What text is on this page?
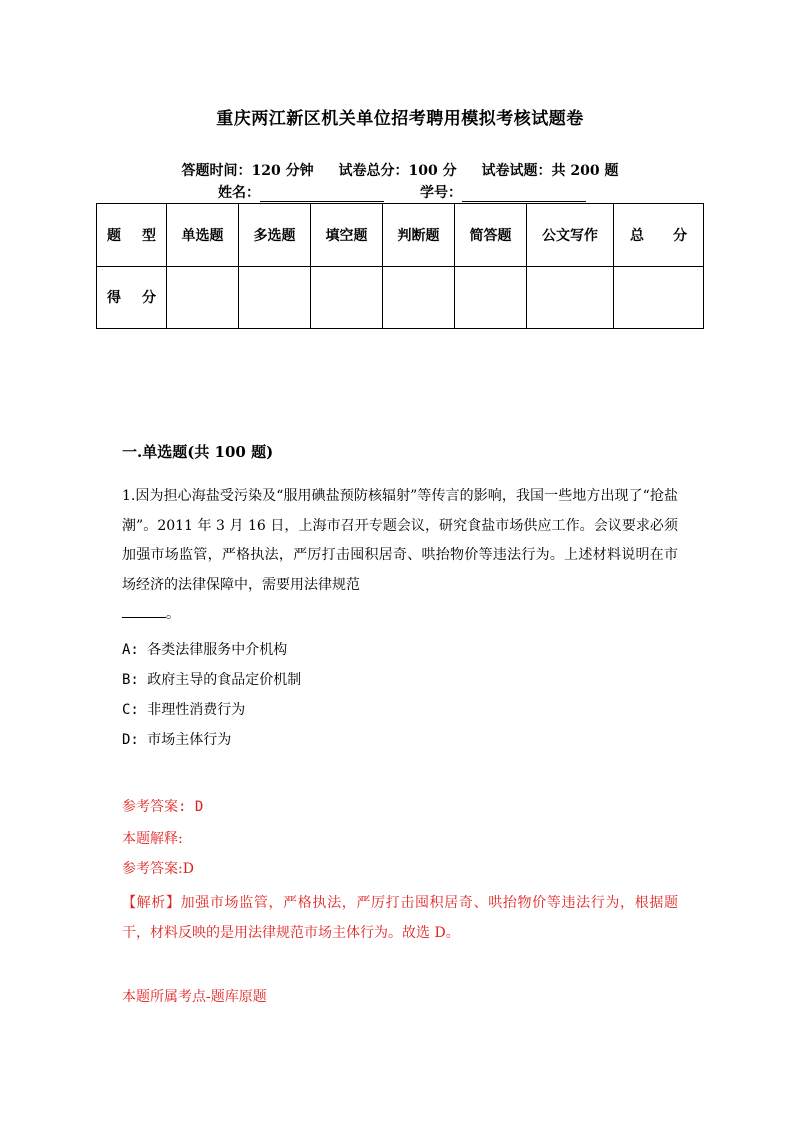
重庆两江新区机关单位招考聘用模拟考核试题卷
答题时间：120 分钟 试卷总分：100 分 试卷试题：共 200 题
姓名：	学号：
题 型	单选题	多选题	填空题	判断题	简答题	公文写作	总 分
得 分							
一.单选题(共 100 题)
1.因为担心海盐受污染及“服用碘盐预防核辐射”等传言的影响，我国一些地方出现了“抢盐潮”。2011 年 3 月 16 日，上海市召开专题会议，研究食盐市场供应工作。会议要求必须加强市场监管，严格执法，严厉打击囤积居奇、哄抬物价等违法行为。上述材料说明在市场经济的法律保障中，需要用法律规范
。
A: 各类法律服务中介机构
B: 政府主导的食品定价机制
C: 非理性消费行为
D: 市场主体行为
参考答案: D
本题解释:
参考答案:D
【解析】加强市场监管，严格执法，严厉打击囤积居奇、哄抬物价等违法行为，根据题干，材料反映的是用法律规范市场主体行为。故选 D。
本题所属考点-题库原题
